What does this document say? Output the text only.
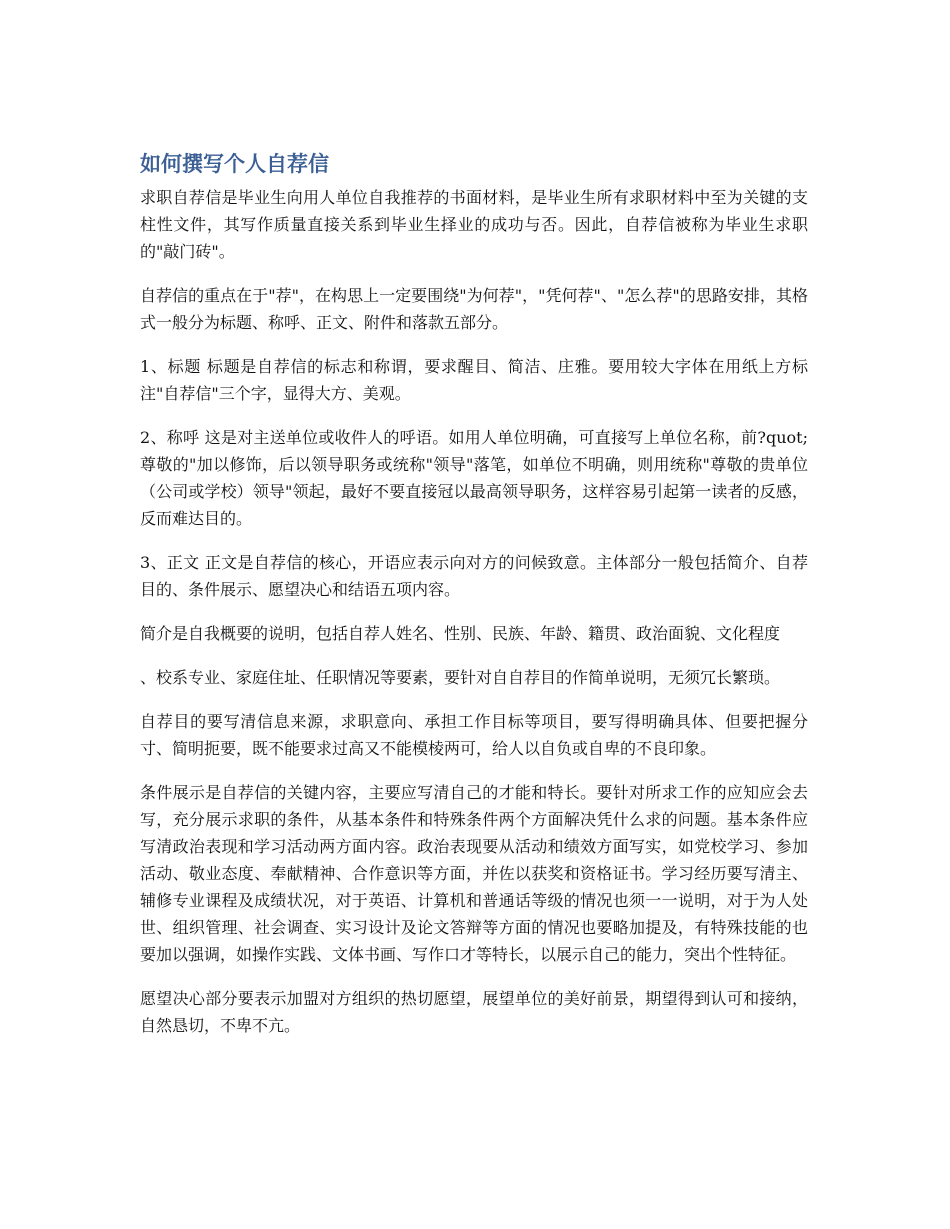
如何撰写个人自荐信

求职自荐信是毕业生向用人单位自我推荐的书面材料，是毕业生所有求职材料中至为关键的支柱性文件，其写作质量直接关系到毕业生择业的成功与否。因此，自荐信被称为毕业生求职的"敲门砖"。

自荐信的重点在于"荐"，在构思上一定要围绕"为何荐"，"凭何荐"、"怎么荐"的思路安排，其格式一般分为标题、称呼、正文、附件和落款五部分。

1、标题 标题是自荐信的标志和称谓，要求醒目、简洁、庄雅。要用较大字体在用纸上方标注"自荐信"三个字，显得大方、美观。

2、称呼 这是对主送单位或收件人的呼语。如用人单位明确，可直接写上单位名称，前?quot;尊敬的"加以修饰，后以领导职务或统称"领导"落笔，如单位不明确，则用统称"尊敬的贵单位（公司或学校）领导"领起，最好不要直接冠以最高领导职务，这样容易引起第一读者的反感，反而难达目的。

3、正文 正文是自荐信的核心，开语应表示向对方的问候致意。主体部分一般包括简介、自荐目的、条件展示、愿望决心和结语五项内容。

简介是自我概要的说明，包括自荐人姓名、性别、民族、年龄、籍贯、政治面貌、文化程度

、校系专业、家庭住址、任职情况等要素，要针对自自荐目的作简单说明，无须冗长繁琐。

自荐目的要写清信息来源，求职意向、承担工作目标等项目，要写得明确具体、但要把握分寸、简明扼要，既不能要求过高又不能模棱两可，给人以自负或自卑的不良印象。

条件展示是自荐信的关键内容，主要应写清自己的才能和特长。要针对所求工作的应知应会去写，充分展示求职的条件，从基本条件和特殊条件两个方面解决凭什么求的问题。基本条件应写清政治表现和学习活动两方面内容。政治表现要从活动和绩效方面写实，如党校学习、参加活动、敬业态度、奉献精神、合作意识等方面，并佐以获奖和资格证书。学习经历要写清主、辅修专业课程及成绩状况，对于英语、计算机和普通话等级的情况也须一一说明，对于为人处世、组织管理、社会调查、实习设计及论文答辩等方面的情况也要略加提及，有特殊技能的也要加以强调，如操作实践、文体书画、写作口才等特长，以展示自己的能力，突出个性特征。

愿望决心部分要表示加盟对方组织的热切愿望，展望单位的美好前景，期望得到认可和接纳，自然恳切，不卑不亢。
